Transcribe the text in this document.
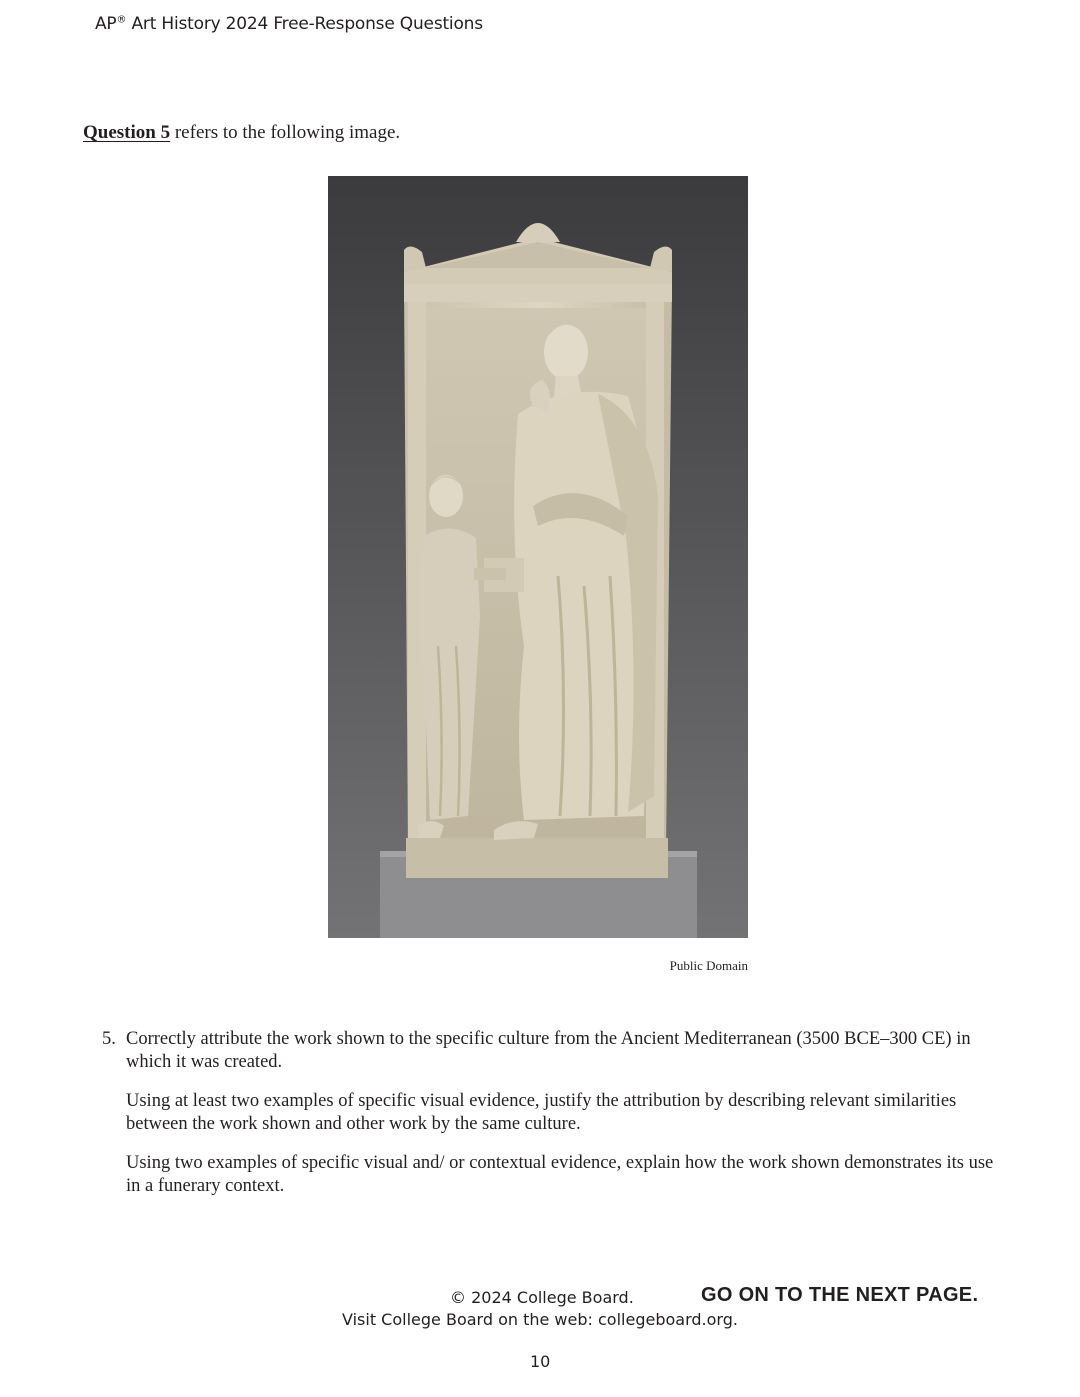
AP® Art History 2024 Free-Response Questions
Question 5 refers to the following image.
Public Domain
5. Correctly attribute the work shown to the specific culture from the Ancient Mediterranean (3500 BCE–300 CE) in which it was created.

Using at least two examples of specific visual evidence, justify the attribution by describing relevant similarities between the work shown and other work by the same culture.

Using two examples of specific visual and/ or contextual evidence, explain how the work shown demonstrates its use in a funerary context.

© 2024 College Board.	GO ON TO THE NEXT PAGE.
Visit College Board on the web: collegeboard.org.
10
